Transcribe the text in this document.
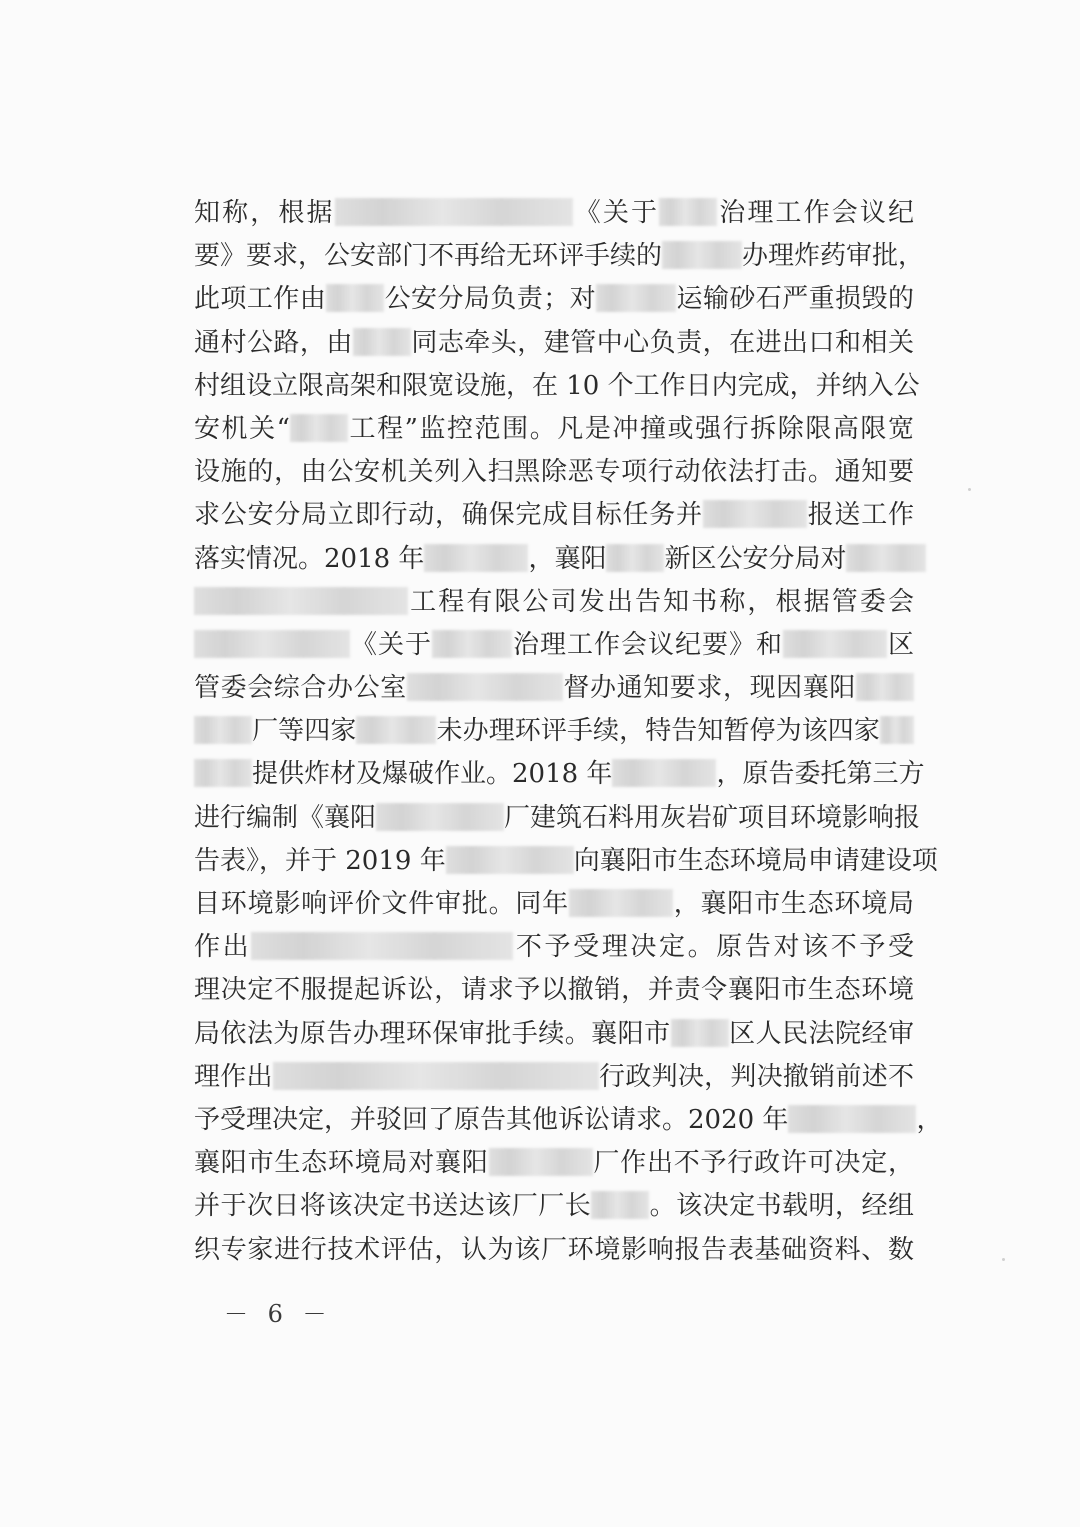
知称，根据	《关于 治理工作会议纪
要》要求，公安部门不再给无环评手续的	办理炸药审批，
此项工作由 公安分局负责；对	运输砂石严重损毁的
通村公路，由 同志牵头，建管中心负责，在进出口和相关
村组设立限高架和限宽设施，在 10 个工作日内完成，并纳入公
安机关“ 工程”监控范围。凡是冲撞或强行拆除限高限宽
设施的，由公安机关列入扫黑除恶专项行动依法打击。通知要
求公安分局立即行动，确保完成目标任务并	报送工作
落实情况。2018 年	，襄阳 新区公安分局对
工程有限公司发出告知书称，根据管委会
《关于	治理工作会议纪要》和	区
管委会综合办公室	督办通知要求，现因襄阳
厂等四家	未办理环评手续，特告知暂停为该四家
提供炸材及爆破作业。2018 年	，原告委托第三方
进行编制《襄阳	厂建筑石料用灰岩矿项目环境影响报
告表》，并于 2019 年	向襄阳市生态环境局申请建设项
目环境影响评价文件审批。同年	，襄阳市生态环境局
作出	不予受理决定。原告对该不予受
理决定不服提起诉讼，请求予以撤销，并责令襄阳市生态环境
局依法为原告办理环保审批手续。襄阳市 区人民法院经审
理作出	行政判决，判决撤销前述不
予受理决定，并驳回了原告其他诉讼请求。2020 年	，
襄阳市生态环境局对襄阳	厂作出不予行政许可决定，
并于次日将该决定书送达该厂厂长 。该决定书载明，经组
织专家进行技术评估，认为该厂环境影响报告表基础资料、数
－ 6 －
